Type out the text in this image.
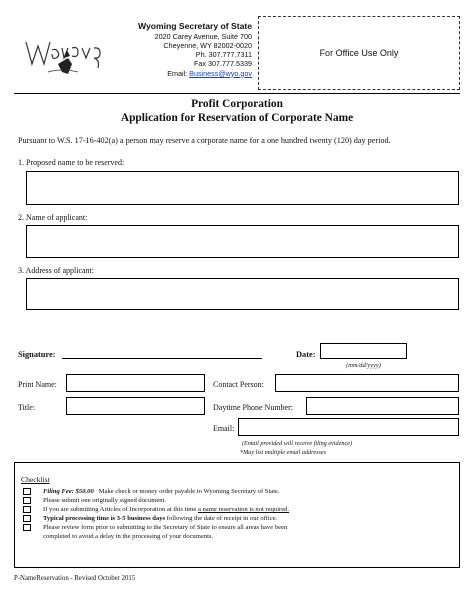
Wyoming Secretary of State
2020 Carey Avenue, Suite 700
Cheyenne, WY 82002-0020
Ph. 307.777.7311
Fax 307.777.5339
Email: Business@wyo.gov
For Office Use Only
Profit Corporation
Application for Reservation of Corporate Name
Pursuant to W.S. 17-16-402(a) a person may reserve a corporate name for a one hundred twenty (120) day period.
1. Proposed name to be reserved:
2. Name of applicant:
3. Address of applicant:
Signature:	Date:
(mm/dd/yyyy)
Print Name:	Contact Person:
Title:	Daytime Phone Number:
Email:
(Email provided will receive filing evidence)
*May list multiple email addresses
Checklist
Filing Fee: $50.00 Make check or money order payable to Wyoming Secretary of State.
Please submit one originally signed document.
If you are submitting Articles of Incorporation at this time a name reservation is not required.
Typical processing time is 3-5 business days following the date of receipt in our office.
Please review form prior to submitting to the Secretary of State to ensure all areas have been
completed to avoid a delay in the processing of your documents.
P-NameReservation - Revised October 2015
